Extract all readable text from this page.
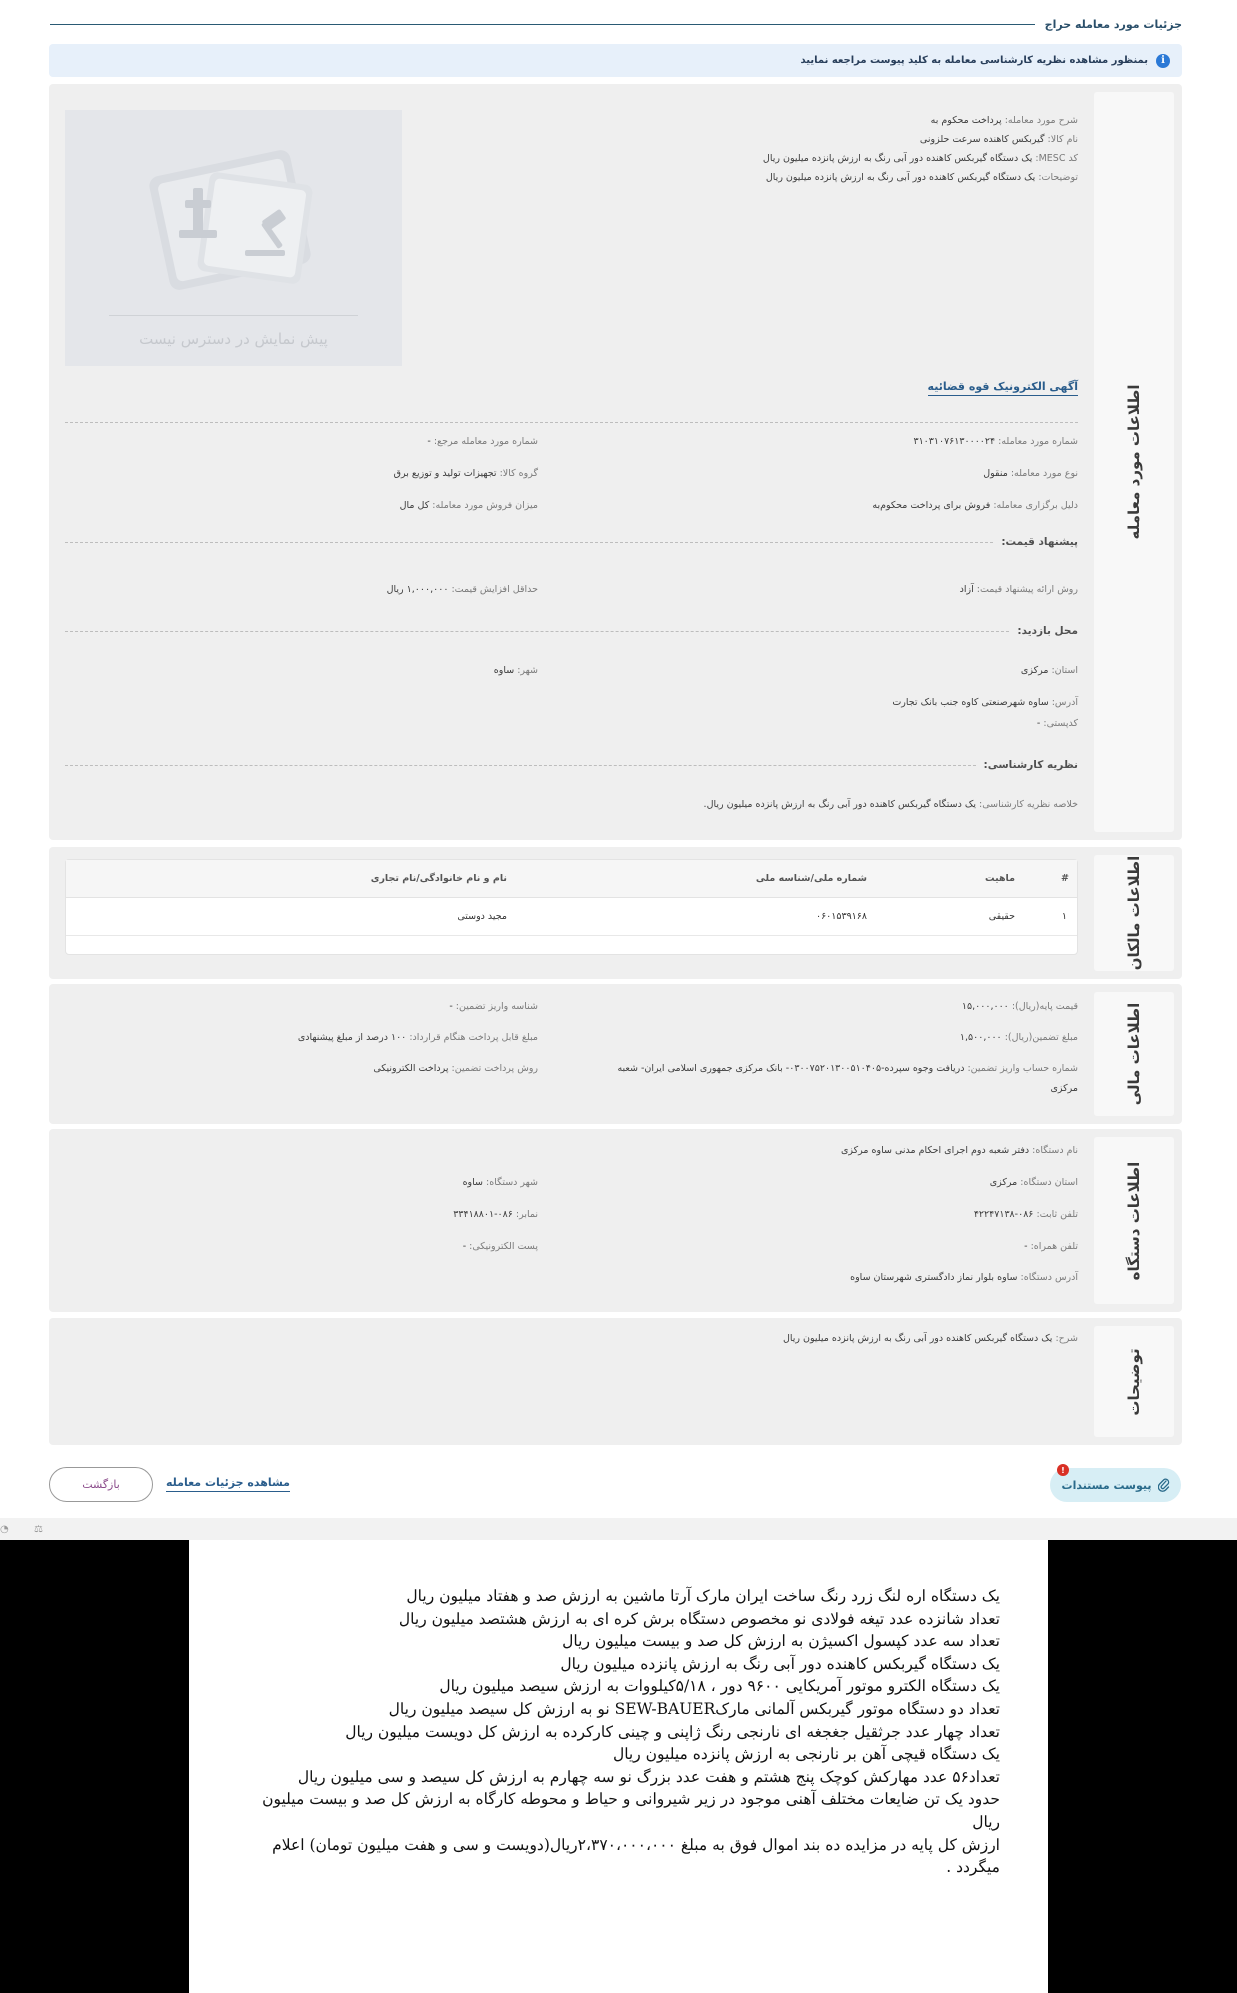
جزئیات مورد معامله حراج
i
بمنظور مشاهده نظریه کارشناسی معامله به کلید پیوست مراجعه نمایید
اطلاعات مورد معامله
شرح مورد معامله: پرداخت محکوم به
نام کالا: گیربکس کاهنده سرعت حلزونی
کد MESC: یک دستگاه گیربکس کاهنده دور آبی رنگ به ارزش پانزده میلیون ریال
توضیحات: یک دستگاه گیربکس کاهنده دور آبی رنگ به ارزش پانزده میلیون ریال
پیش نمایش در دسترس نیست
آگهی الکترونیک قوه قضائیه
شماره مورد معامله: ۳۱۰۳۱۰۷۶۱۳۰۰۰۰۲۴
شماره مورد معامله مرجع: -
نوع مورد معامله: منقول
گروه کالا: تجهیزات تولید و توزیع برق
دلیل برگزاری معامله: فروش برای پرداخت محکوم‌به
میزان فروش مورد معامله: کل مال
پیشنهاد قیمت:
روش ارائه پیشنهاد قیمت: آزاد
حداقل افزایش قیمت: ۱,۰۰۰,۰۰۰ ریال
محل بازدید:
استان: مرکزی
شهر: ساوه
آدرس: ساوه شهرصنعتی کاوه جنب بانک تجارت
کدپستی: -
نظریه کارشناسی:
خلاصه نظریه کارشناسی: یک دستگاه گیربکس کاهنده دور آبی رنگ به ارزش پانزده میلیون ریال.
اطلاعات مالکان
#
ماهیت
شماره ملی/شناسه ملی
نام و نام خانوادگی/نام تجاری
۱
حقیقی
۰۶۰۱۵۳۹۱۶۸
مجید دوستی
اطلاعات مالی
قیمت پایه(ریال): ۱۵,۰۰۰,۰۰۰
شناسه واریز تضمین: -
مبلغ تضمین(ریال): ۱,۵۰۰,۰۰۰
مبلغ قابل پرداخت هنگام قرارداد: ۱۰۰ درصد از مبلغ پیشنهادی
شماره حساب واریز تضمین: دریافت وجوه سپرده-۰۳۰۰۷۵۲۰۱۳۰۰۵۱۰۴۰۵- بانک مرکزی جمهوری اسلامی ایران- شعبه
مرکزی
روش پرداخت تضمین: پرداخت الکترونیکی
اطلاعات دستگاه
نام دستگاه: دفتر شعبه دوم اجرای احکام مدنی ساوه مرکزی
استان دستگاه: مرکزی
شهر دستگاه: ساوه
تلفن ثابت: ۰۸۶-۴۲۲۴۷۱۳۸
نمابر: ۰۸۶-۳۳۴۱۸۸۰۱
تلفن همراه: -
پست الکترونیکی: -
آدرس دستگاه: ساوه بلوار نماز دادگستری شهرستان ساوه
توضیحات
شرح: یک دستگاه گیربکس کاهنده دور آبی رنگ به ارزش پانزده میلیون ریال
!
پیوست مستندات
مشاهده جزئیات معامله
بازگشت
⚖
◔

یک دستگاه اره لنگ زرد رنگ ساخت ایران مارک آرتا ماشین به ارزش صد و هفتاد میلیون ریال

تعداد شانزده عدد تیغه فولادی نو مخصوص دستگاه برش کره ای به ارزش هشتصد میلیون ریال

تعداد سه عدد کپسول اکسیژن به ارزش کل صد و بیست میلیون ریال

یک دستگاه گیربکس کاهنده دور آبی رنگ به ارزش پانزده میلیون ریال

یک دستگاه الکترو موتور آمریکایی ۹۶۰۰ دور ، ۵/۱۸کیلووات به ارزش سیصد میلیون ریال

تعداد دو دستگاه موتور گیربکس آلمانی مارکSEW-BAUER نو به ارزش کل سیصد میلیون ریال

تعداد چهار عدد جرثقیل جغجغه ای نارنجی رنگ ژاپنی و چینی کارکرده به ارزش کل دویست میلیون ریال

یک دستگاه قیچی آهن بر نارنجی به ارزش پانزده میلیون ریال

تعداد۵۶ عدد مهارکش کوچک پنج هشتم و هفت عدد بزرگ نو سه چهارم به ارزش کل سیصد و سی میلیون ریال

حدود یک تن ضایعات مختلف آهنی موجود در زیر شیروانی و حیاط و محوطه کارگاه به ارزش کل صد و بیست میلیون

ریال

ارزش کل پایه در مزایده ده بند اموال فوق به مبلغ ۲،۳۷۰،۰۰۰،۰۰۰ریال(دویست و سی و هفت میلیون تومان) اعلام

میگردد .
